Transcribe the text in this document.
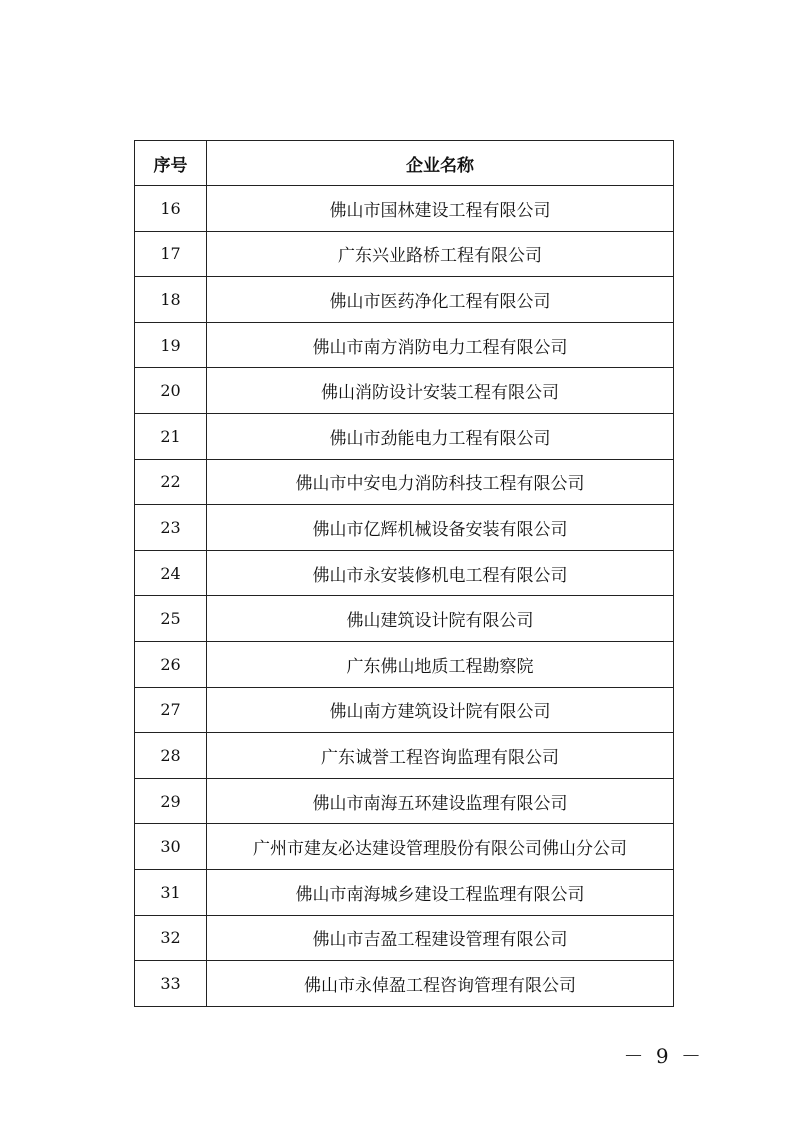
序号	企业名称
16	佛山市国林建设工程有限公司
17	广东兴业路桥工程有限公司
18	佛山市医药净化工程有限公司
19	佛山市南方消防电力工程有限公司
20	佛山消防设计安装工程有限公司
21	佛山市劲能电力工程有限公司
22	佛山市中安电力消防科技工程有限公司
23	佛山市亿辉机械设备安装有限公司
24	佛山市永安装修机电工程有限公司
25	佛山建筑设计院有限公司
26	广东佛山地质工程勘察院
27	佛山南方建筑设计院有限公司
28	广东诚誉工程咨询监理有限公司
29	佛山市南海五环建设监理有限公司
30	广州市建友必达建设管理股份有限公司佛山分公司
31	佛山市南海城乡建设工程监理有限公司
32	佛山市吉盈工程建设管理有限公司
33	佛山市永倬盈工程咨询管理有限公司
－ 9 －
